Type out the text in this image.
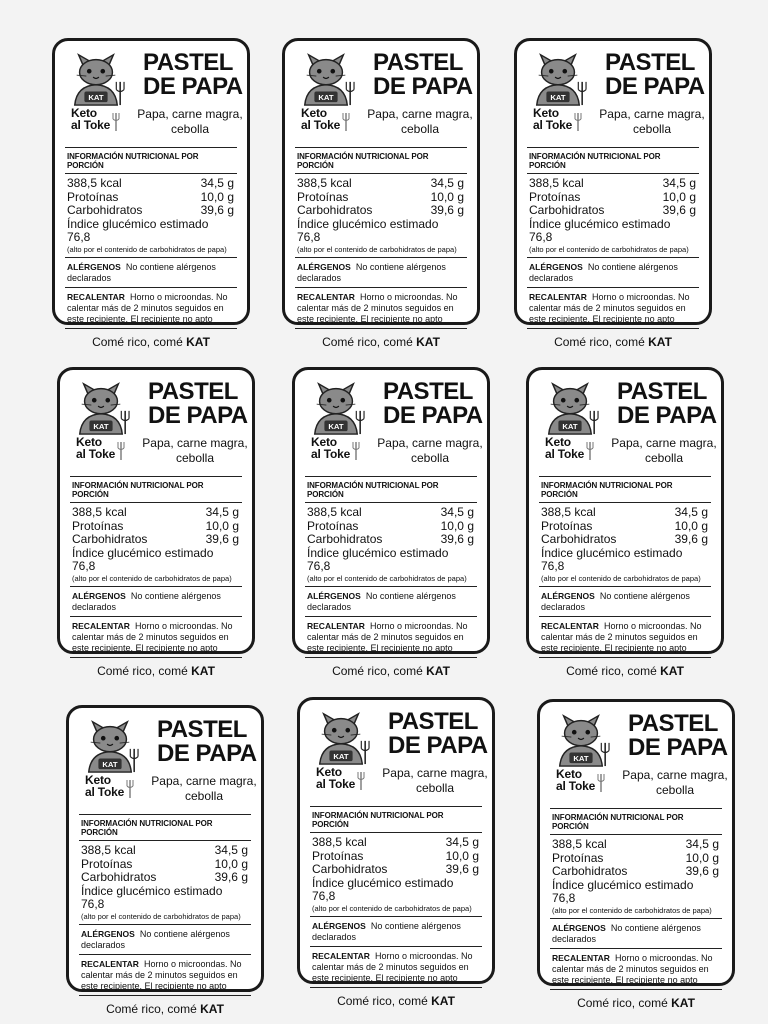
KAT
Keto
al Toke
PASTEL
DE PAPA
Papa, carne magra, cebolla
INFORMACIÓN NUTRICIONAL POR PORCIÓN
388,5 kcal	34,5 g
Protoínas	10,0 g
Carbohidratos	39,6 g
Índice glucémico estimado 76,8
(alto por el contenido de carbohidratos de papa)
ALÉRGENOS No contiene alérgenos declarados
RECALENTAR Horno o microondas. No calentar más de 2 minutos seguidos en este recipiente. El recipiente no apto
Comé rico, comé KAT
KAT
Keto
al Toke
PASTEL
DE PAPA
Papa, carne magra, cebolla
INFORMACIÓN NUTRICIONAL POR PORCIÓN
388,5 kcal	34,5 g
Protoínas	10,0 g
Carbohidratos	39,6 g
Índice glucémico estimado 76,8
(alto por el contenido de carbohidratos de papa)
ALÉRGENOS No contiene alérgenos declarados
RECALENTAR Horno o microondas. No calentar más de 2 minutos seguidos en este recipiente. El recipiente no apto
Comé rico, comé KAT
KAT
Keto
al Toke
PASTEL
DE PAPA
Papa, carne magra, cebolla
INFORMACIÓN NUTRICIONAL POR PORCIÓN
388,5 kcal	34,5 g
Protoínas	10,0 g
Carbohidratos	39,6 g
Índice glucémico estimado 76,8
(alto por el contenido de carbohidratos de papa)
ALÉRGENOS No contiene alérgenos declarados
RECALENTAR Horno o microondas. No calentar más de 2 minutos seguidos en este recipiente. El recipiente no apto
Comé rico, comé KAT
KAT
Keto
al Toke
PASTEL
DE PAPA
Papa, carne magra, cebolla
INFORMACIÓN NUTRICIONAL POR PORCIÓN
388,5 kcal	34,5 g
Protoínas	10,0 g
Carbohidratos	39,6 g
Índice glucémico estimado 76,8
(alto por el contenido de carbohidratos de papa)
ALÉRGENOS No contiene alérgenos declarados
RECALENTAR Horno o microondas. No calentar más de 2 minutos seguidos en este recipiente. El recipiente no apto
Comé rico, comé KAT
KAT
Keto
al Toke
PASTEL
DE PAPA
Papa, carne magra, cebolla
INFORMACIÓN NUTRICIONAL POR PORCIÓN
388,5 kcal	34,5 g
Protoínas	10,0 g
Carbohidratos	39,6 g
Índice glucémico estimado 76,8
(alto por el contenido de carbohidratos de papa)
ALÉRGENOS No contiene alérgenos declarados
RECALENTAR Horno o microondas. No calentar más de 2 minutos seguidos en este recipiente. El recipiente no apto
Comé rico, comé KAT
KAT
Keto
al Toke
PASTEL
DE PAPA
Papa, carne magra, cebolla
INFORMACIÓN NUTRICIONAL POR PORCIÓN
388,5 kcal	34,5 g
Protoínas	10,0 g
Carbohidratos	39,6 g
Índice glucémico estimado 76,8
(alto por el contenido de carbohidratos de papa)
ALÉRGENOS No contiene alérgenos declarados
RECALENTAR Horno o microondas. No calentar más de 2 minutos seguidos en este recipiente. El recipiente no apto
Comé rico, comé KAT
KAT
Keto
al Toke
PASTEL
DE PAPA
Papa, carne magra, cebolla
INFORMACIÓN NUTRICIONAL POR PORCIÓN
388,5 kcal	34,5 g
Protoínas	10,0 g
Carbohidratos	39,6 g
Índice glucémico estimado 76,8
(alto por el contenido de carbohidratos de papa)
ALÉRGENOS No contiene alérgenos declarados
RECALENTAR Horno o microondas. No calentar más de 2 minutos seguidos en este recipiente. El recipiente no apto
Comé rico, comé KAT
KAT
Keto
al Toke
PASTEL
DE PAPA
Papa, carne magra, cebolla
INFORMACIÓN NUTRICIONAL POR PORCIÓN
388,5 kcal	34,5 g
Protoínas	10,0 g
Carbohidratos	39,6 g
Índice glucémico estimado 76,8
(alto por el contenido de carbohidratos de papa)
ALÉRGENOS No contiene alérgenos declarados
RECALENTAR Horno o microondas. No calentar más de 2 minutos seguidos en este recipiente. El recipiente no apto
Comé rico, comé KAT
KAT
Keto
al Toke
PASTEL
DE PAPA
Papa, carne magra, cebolla
INFORMACIÓN NUTRICIONAL POR PORCIÓN
388,5 kcal	34,5 g
Protoínas	10,0 g
Carbohidratos	39,6 g
Índice glucémico estimado 76,8
(alto por el contenido de carbohidratos de papa)
ALÉRGENOS No contiene alérgenos declarados
RECALENTAR Horno o microondas. No calentar más de 2 minutos seguidos en este recipiente. El recipiente no apto
Comé rico, comé KAT
